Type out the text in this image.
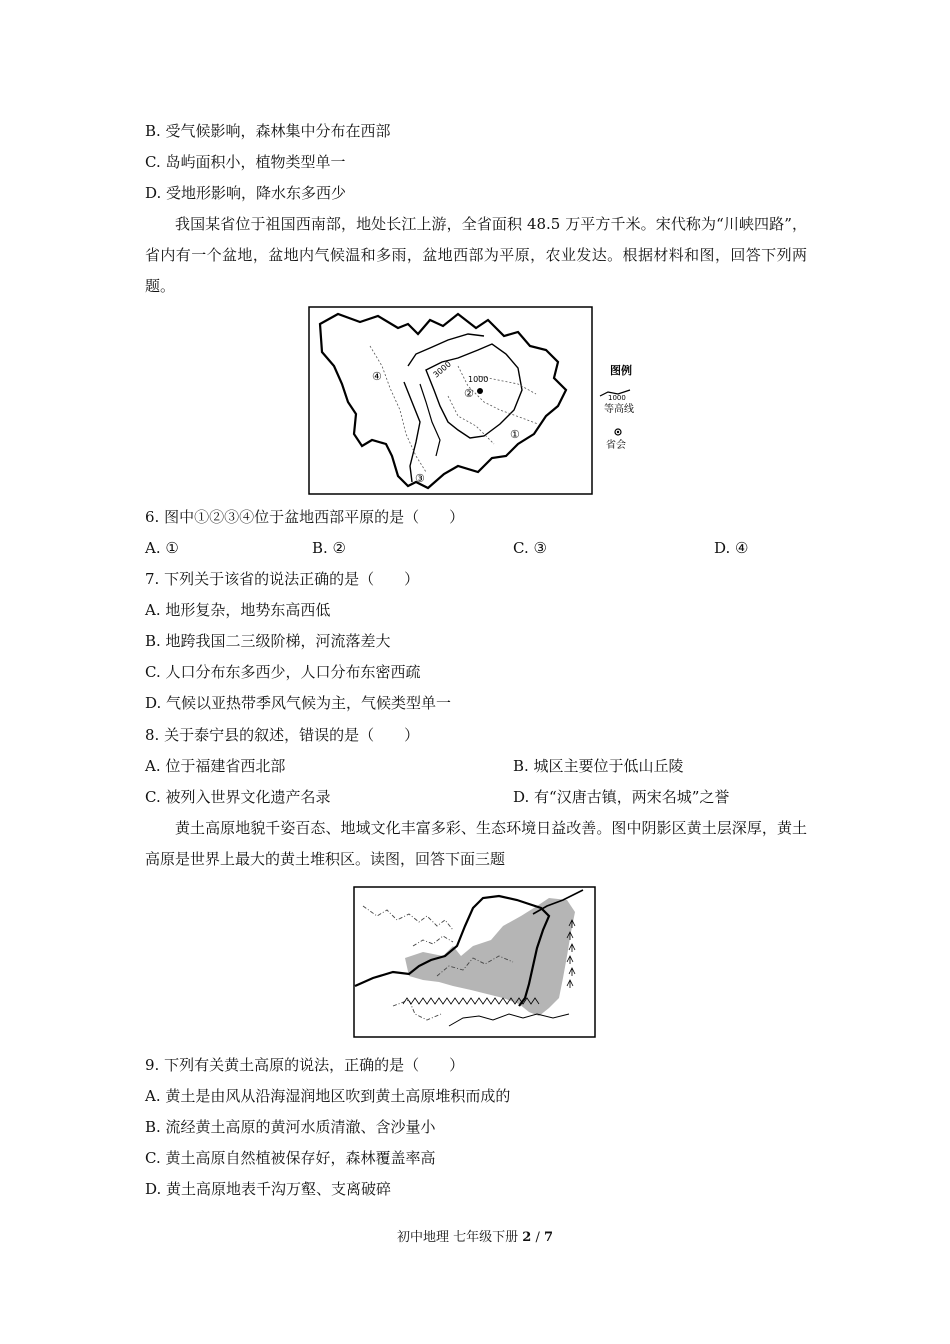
B. 受气候影响，森林集中分布在西部
C. 岛屿面积小，植物类型单一
D. 受地形影响，降水东多西少
我国某省位于祖国西南部，地处长江上游，全省面积 48.5 万平方千米。宋代称为“川峡四路”，省内有一个盆地，盆地内气候温和多雨，盆地西部为平原，农业发达。根据材料和图，回答下列两题。
3000 1000
④
②
①
③
图例
1000
等高线
省会
6. 图中①②③④位于盆地西部平原的是（　　）
A. ①	B. ②	C. ③	D. ④
7. 下列关于该省的说法正确的是（　　）
A. 地形复杂，地势东高西低
B. 地跨我国二三级阶梯，河流落差大
C. 人口分布东多西少，人口分布东密西疏
D. 气候以亚热带季风气候为主，气候类型单一
8. 关于泰宁县的叙述，错误的是（　　）
A. 位于福建省西北部	B. 城区主要位于低山丘陵
C. 被列入世界文化遗产名录	D. 有“汉唐古镇，两宋名城”之誉
黄土高原地貌千姿百态、地域文化丰富多彩、生态环境日益改善。图中阴影区黄土层深厚，黄土高原是世界上最大的黄土堆积区。读图，回答下面三题
9. 下列有关黄土高原的说法，正确的是（　　）
A. 黄土是由风从沿海湿润地区吹到黄土高原堆积而成的
B. 流经黄土高原的黄河水质清澈、含沙量小
C. 黄土高原自然植被保存好，森林覆盖率高
D. 黄土高原地表千沟万壑、支离破碎
初中地理 七年级下册 2 / 7
